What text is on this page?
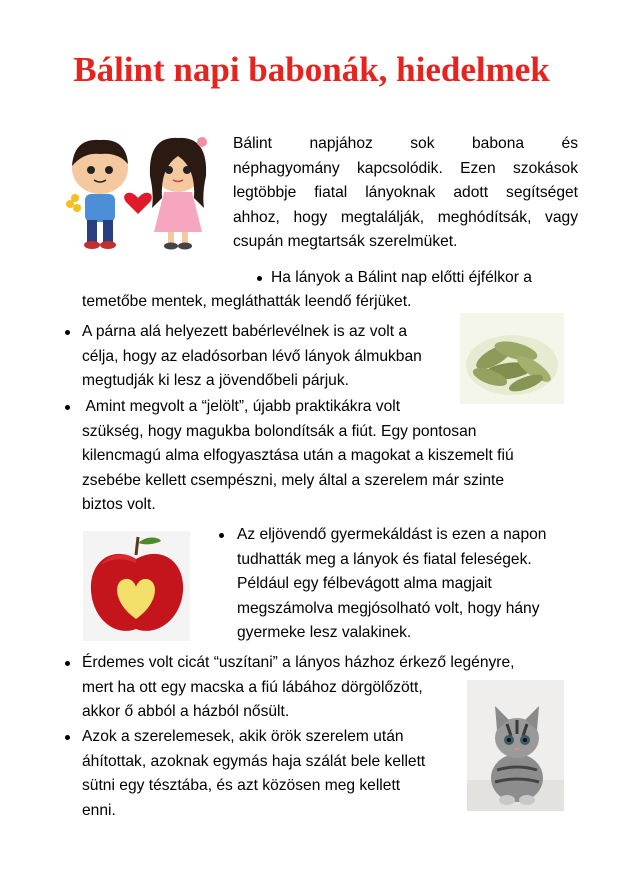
Bálint napi babonák, hiedelmek
Bálint napjához sok babona és
néphagyomány kapcsolódik. Ezen szokások
legtöbbje fiatal lányoknak adott segítséget
ahhoz, hogy megtalálják, meghódítsák, vagy
csupán megtartsák szerelmüket.
Ha lányok a Bálint nap előtti éjfélkor a
temetőbe mentek, megláthatták leendő férjüket.
A párna alá helyezett babérlevélnek is az volt a
célja, hogy az eladósorban lévő lányok álmukban
megtudják ki lesz a jövendőbeli párjuk.
Amint megvolt a “jelölt”, újabb praktikákra volt
szükség, hogy magukba bolondítsák a fiút. Egy pontosan
kilencmagú alma elfogyasztása után a magokat a kiszemelt fiú
zsebébe kellett csempészni, mely által a szerelem már szinte
biztos volt.
Az eljövendő gyermekáldást is ezen a napon
tudhatták meg a lányok és fiatal feleségek.
Például egy félbevágott alma magjait
megszámolva megjósolható volt, hogy hány
gyermeke lesz valakinek.
Érdemes volt cicát “uszítani” a lányos házhoz érkező legényre,
mert ha ott egy macska a fiú lábához dörgölőzött,
akkor ő abból a házból nősült.
Azok a szerelemesek, akik örök szerelem után
áhítottak, azoknak egymás haja szálát bele kellett
sütni egy tésztába, és azt közösen meg kellett
enni.
